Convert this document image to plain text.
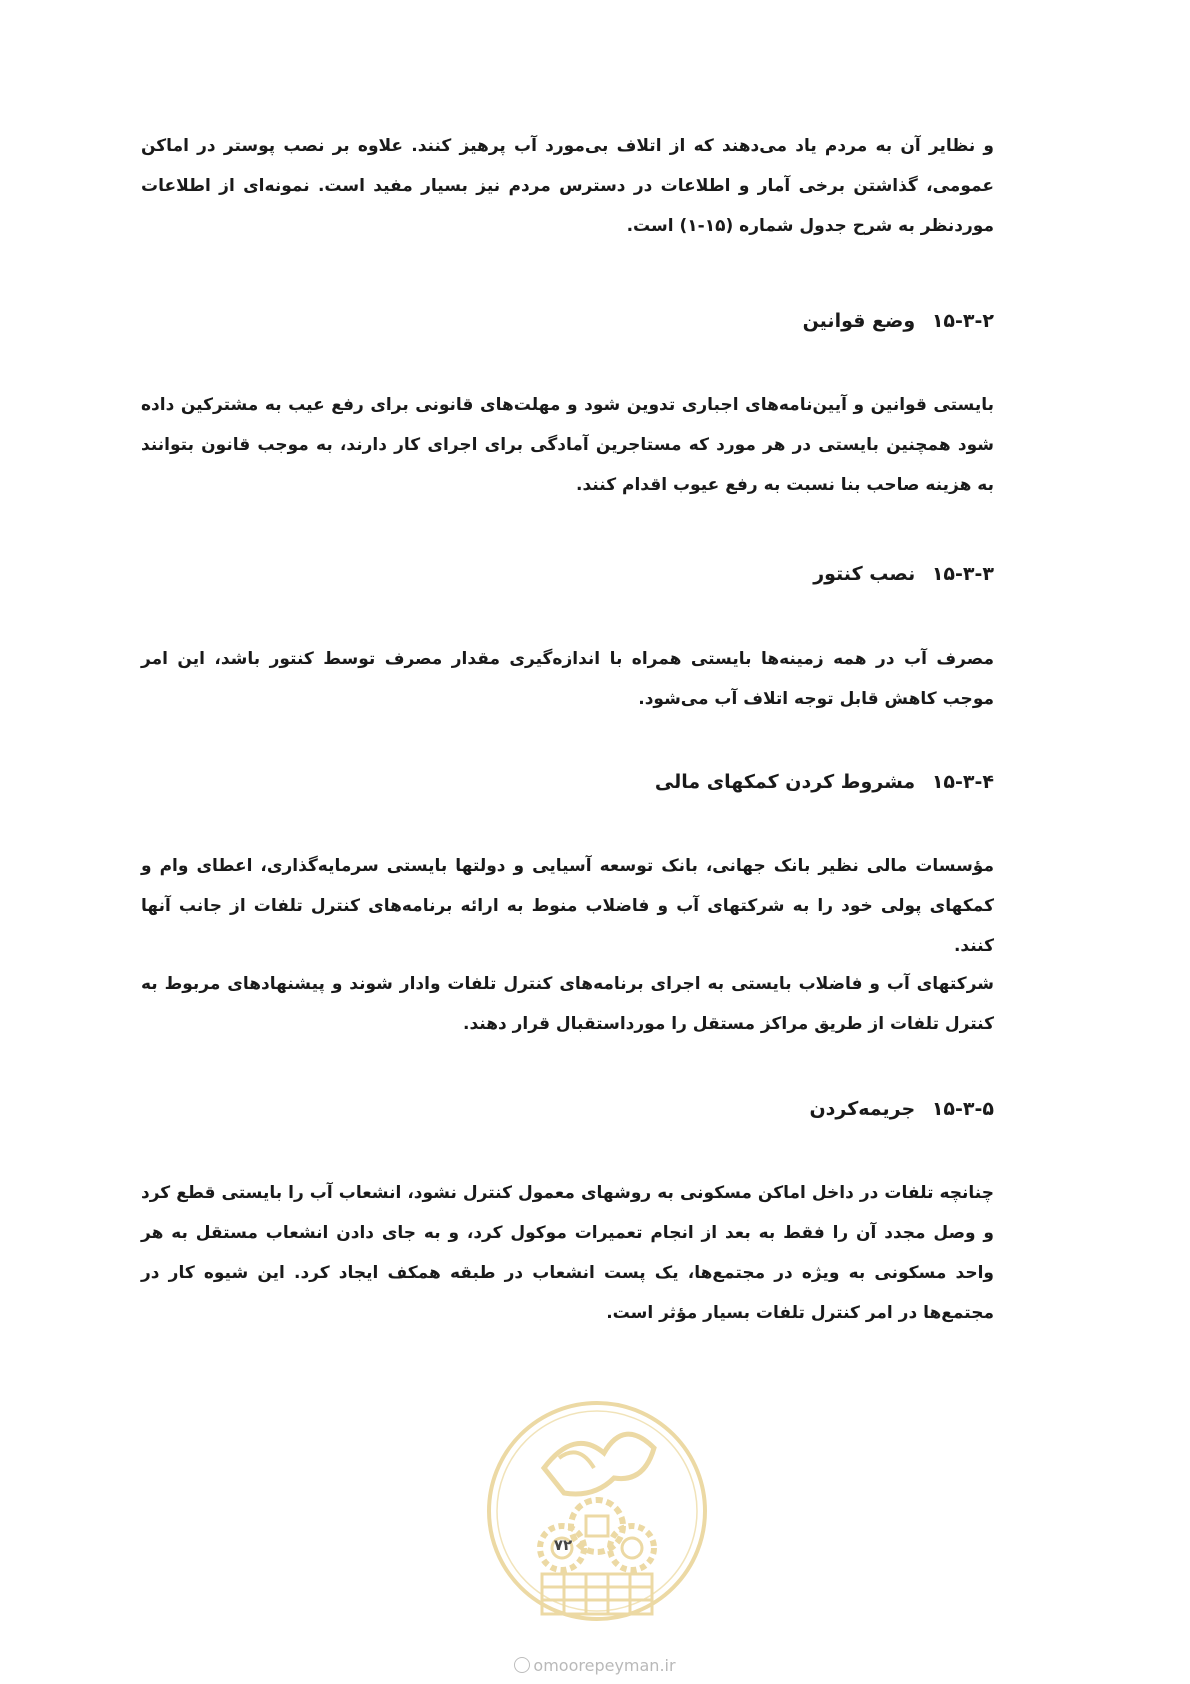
و نظایر آن به مردم یاد می‌دهند که از اتلاف بی‌مورد آب پرهیز کنند. علاوه بر نصب پوستر در اماکن عمومی، گذاشتن برخی آمار و اطلاعات در دسترس مردم نیز بسیار مفید است. نمونه‌ای از اطلاعات موردنظر به شرح جدول شماره (۱۵-۱) است.

۱۵-۳-۲ وضع قوانین

بایستی قوانین و آیین‌نامه‌های اجباری تدوین شود و مهلت‌های قانونی برای رفع عیب به مشترکین داده شود همچنین بایستی در هر مورد که مستاجرین آمادگی برای اجرای کار دارند، به موجب قانون بتوانند به هزینه صاحب بنا نسبت به رفع عیوب اقدام کنند.

۱۵-۳-۳ نصب کنتور

مصرف آب در همه زمینه‌ها بایستی همراه با اندازه‌گیری مقدار مصرف توسط کنتور باشد، این امر موجب کاهش قابل توجه اتلاف آب می‌شود.

۱۵-۳-۴ مشروط کردن کمکهای مالی

مؤسسات مالی نظیر بانک جهانی، بانک توسعه آسیایی و دولتها بایستی سرمایه‌گذاری، اعطای وام و کمکهای پولی خود را به شرکتهای آب و فاضلاب منوط به ارائه برنامه‌های کنترل تلفات از جانب آنها کنند.

شرکتهای آب و فاضلاب بایستی به اجرای برنامه‌های کنترل تلفات وادار شوند و پیشنهادهای مربوط به کنترل تلفات از طریق مراکز مستقل را مورداستقبال قرار دهند.

۱۵-۳-۵ جریمه‌کردن

چنانچه تلفات در داخل اماکن مسکونی به روشهای معمول کنترل نشود، انشعاب آب را بایستی قطع کرد و وصل مجدد آن را فقط به بعد از انجام تعمیرات موکول کرد، و به جای دادن انشعاب مستقل به هر واحد مسکونی به ویژه در مجتمع‌ها، یک پست انشعاب در طبقه همکف ایجاد کرد. این شیوه کار در مجتمع‌ها در امر کنترل تلفات بسیار مؤثر است.

۷۲
omoorepeyman.ir
